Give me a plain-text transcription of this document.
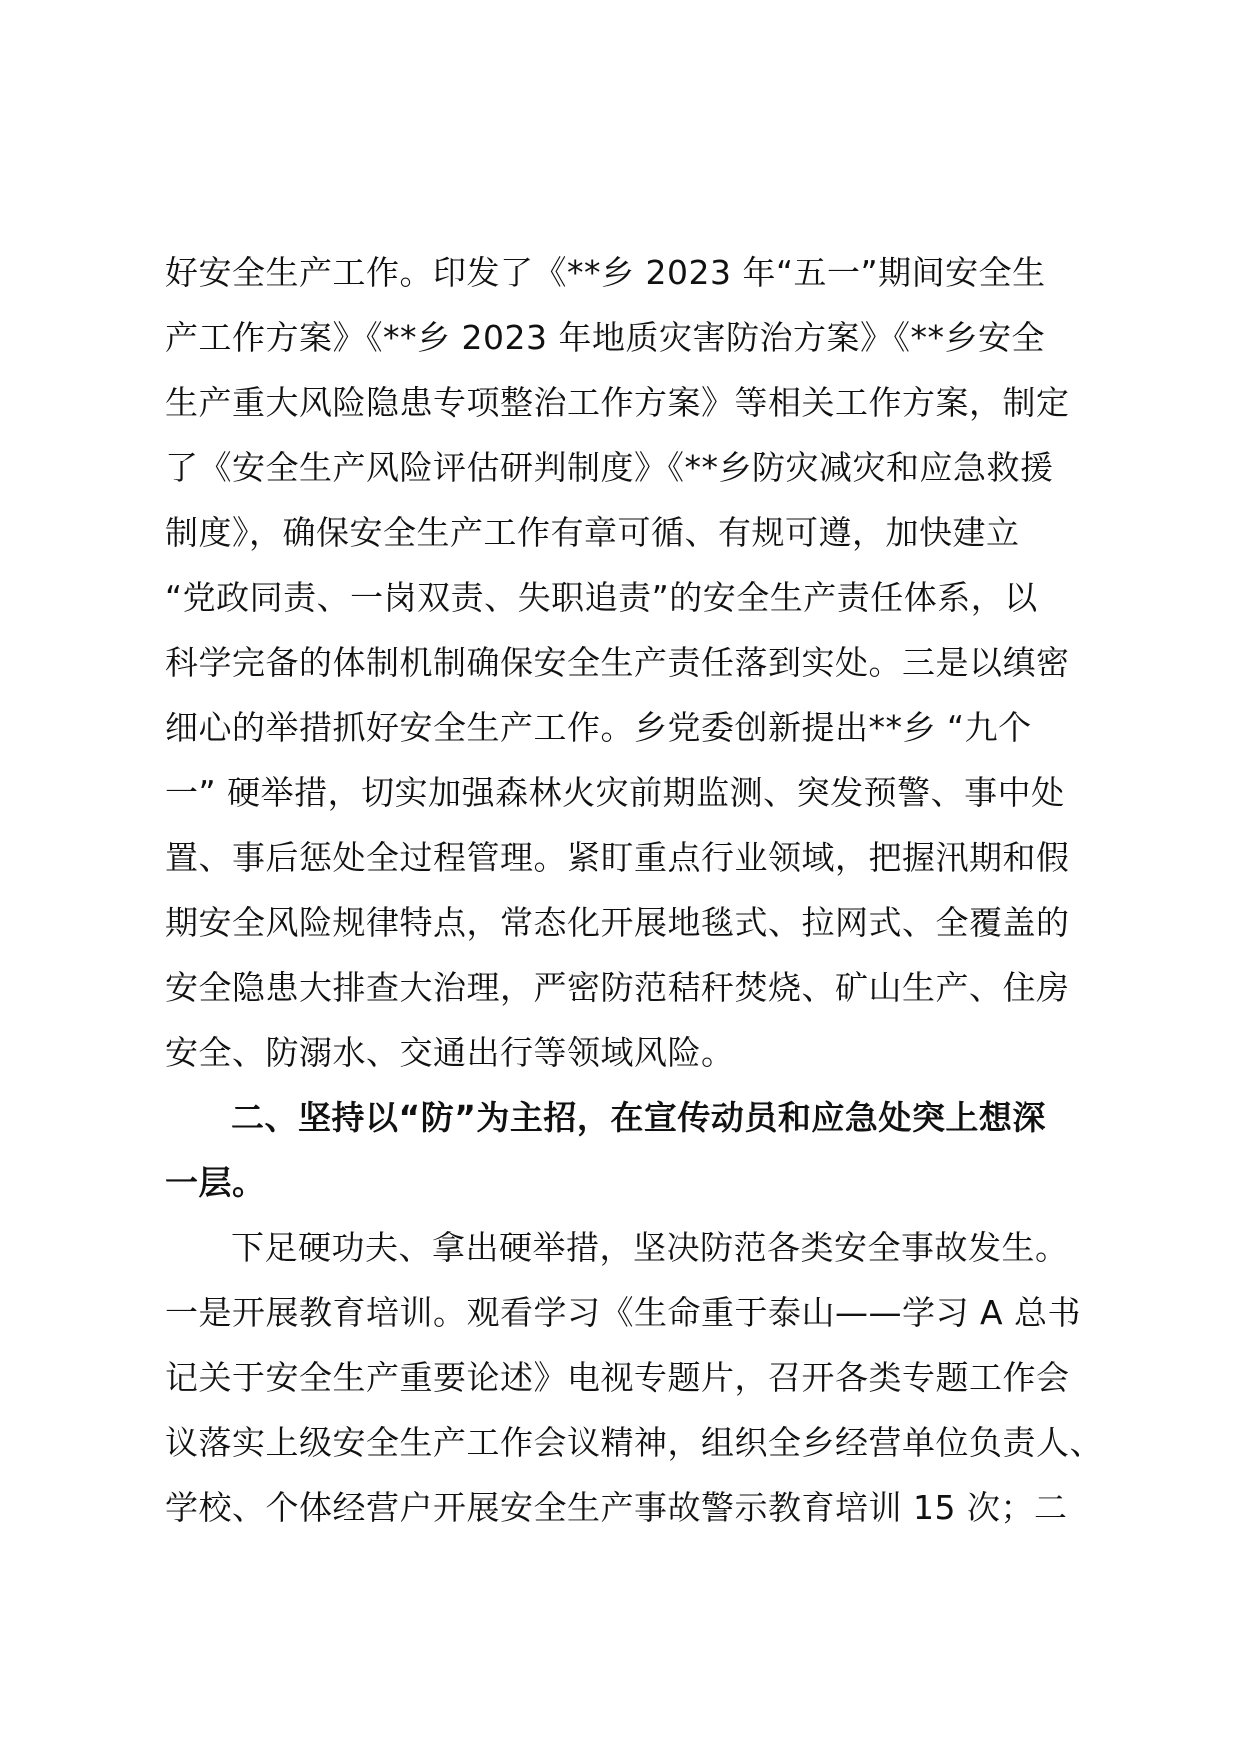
好安全生产工作。印发了《**乡 2023 年“五一”期间安全生
产工作方案》《**乡 2023 年地质灾害防治方案》《**乡安全
生产重大风险隐患专项整治工作方案》等相关工作方案，制定
了《安全生产风险评估研判制度》《**乡防灾减灾和应急救援
制度》，确保安全生产工作有章可循、有规可遵，加快建立
“党政同责、一岗双责、失职追责”的安全生产责任体系，以
科学完备的体制机制确保安全生产责任落到实处。三是以缜密
细心的举措抓好安全生产工作。乡党委创新提出**乡 “九个
一” 硬举措，切实加强森林火灾前期监测、突发预警、事中处
置、事后惩处全过程管理。紧盯重点行业领域，把握汛期和假
期安全风险规律特点，常态化开展地毯式、拉网式、全覆盖的
安全隐患大排查大治理，严密防范秸秆焚烧、矿山生产、住房
安全、防溺水、交通出行等领域风险。
二、坚持以“防”为主招，在宣传动员和应急处突上想深
一层。
下足硬功夫、拿出硬举措，坚决防范各类安全事故发生。
一是开展教育培训。观看学习《生命重于泰山——学习 A 总书
记关于安全生产重要论述》电视专题片，召开各类专题工作会
议落实上级安全生产工作会议精神，组织全乡经营单位负责人、
学校、个体经营户开展安全生产事故警示教育培训 15 次；二
